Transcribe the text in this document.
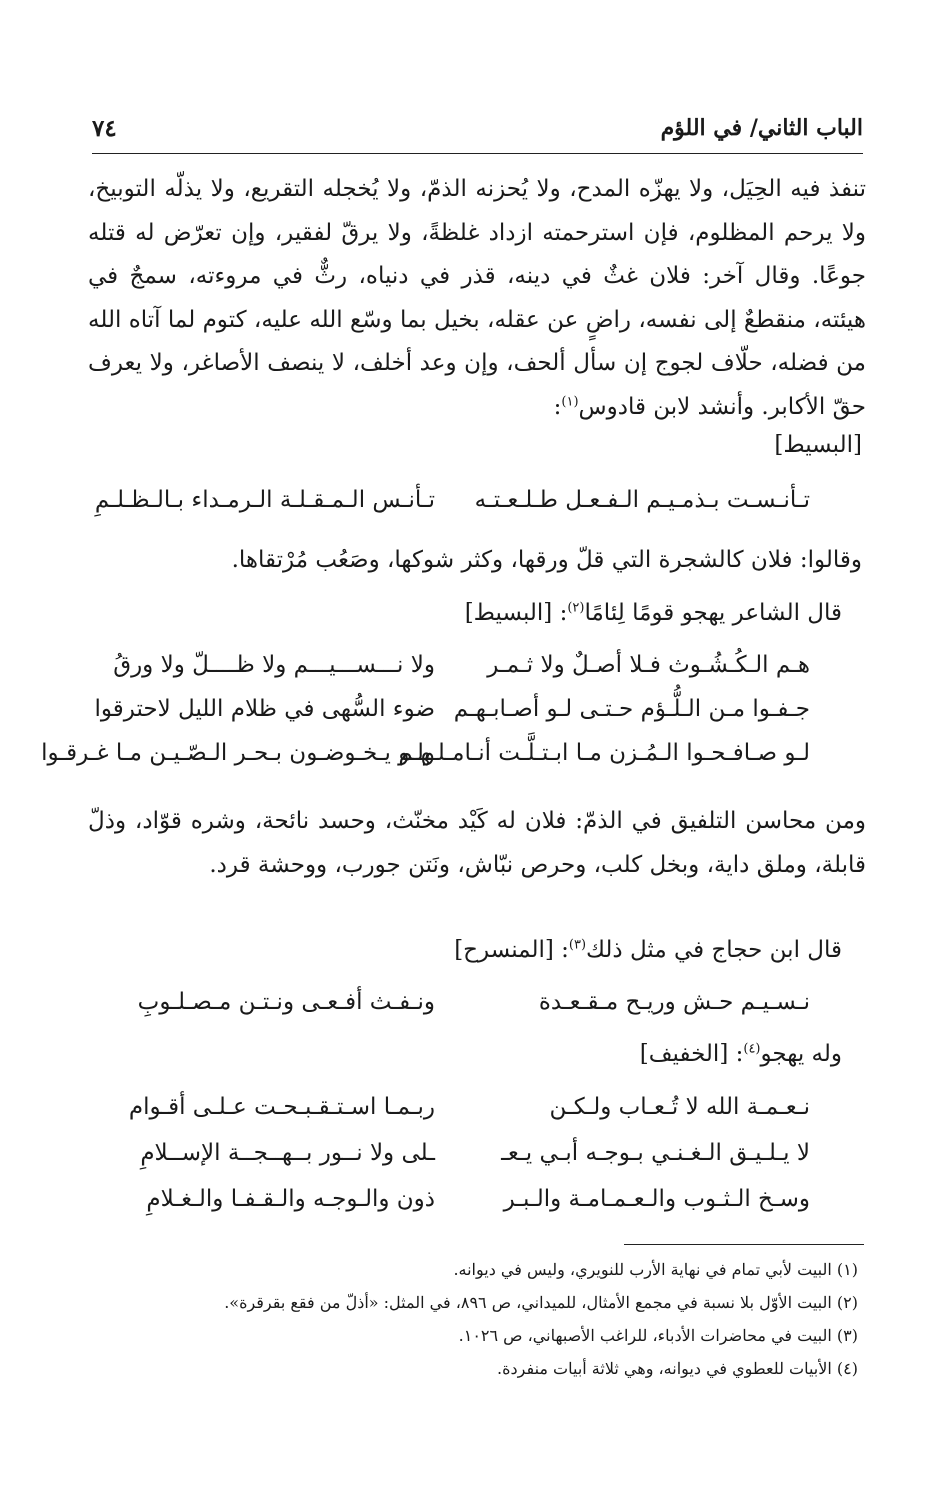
الباب الثاني/ في اللؤم
٧٤

تنفذ فيه الحِيَل، ولا يهزّه المدح، ولا يُحزنه الذمّ، ولا يُخجله التقريع، ولا يذلّه التوبيخ، ولا يرحم المظلوم، فإن استرحمته ازداد غلظةً، ولا يرقّ لفقير، وإن تعرّض له قتله جوعًا. وقال آخر: فلان غثٌ في دينه، قذر في دنياه، رثٌّ في مروءته، سمجٌ في هيئته، منقطعٌ إلى نفسه، راضٍ عن عقله، بخيل بما وسّع الله عليه، كتوم لما آتاه الله من فضله، حلّاف لجوج إن سأل ألحف، وإن وعد أخلف، لا ينصف الأصاغر، ولا يعرف حقّ الأكابر. وأنشد لابن قادوس$^{(١)}$:

[البسيط]
تـأنـسـت بـذمـيـم الـفـعـل طـلـعـتـه
تـأنـس الـمـقـلـة الـرمـداء بـالـظـلـمِ
وقالوا: فلان كالشجرة التي قلّ ورقها، وكثر شوكها، وصَعُب مُرْتقاها.
قال الشاعر يهجو قومًا لِئامًا$^{(٢)}$: [البسيط]
هـم الـكُـشُـوث فـلا أصـلٌ ولا ثـمـر
ولا نـــســـيـــم ولا ظــــلّ ولا ورقُ
جـفـوا مـن الـلُّـؤم حـتـى لـو أصـابـهـم
ضوء السُّهى في ظلام الليل لاحترقوا
لـو صـافـحـوا الـمُـزن مـا ابـتـلَّـت أنـامـلـهـم
ولـو يـخـوضـون بـحـر الـصّـيـن مـا غـرقـوا

ومن محاسن التلفيق في الذمّ: فلان له كَيْد مخنّث، وحسد نائحة، وشره قوّاد، وذلّ قابلة، وملق داية، وبخل كلب، وحرص نبّاش، ونَتن جورب، ووحشة قرد.

قال ابن حجاج في مثل ذلك$^{(٣)}$: [المنسرح]
نـسـيـم حـش وريـح مـقـعـدة
ونـفـث أفـعـى ونـتـن مـصـلـوبِ
وله يهجو$^{(٤)}$: [الخفيف]
نـعـمـة الله لا تُـعـاب ولـكـن
ربـمـا اسـتـقـبـحـت عـلـى أقـوام
لا يـلـيـق الـغـنـي بـوجـه أبـي يـعـ
ـلى ولا نــور بــهــجــة الإســلامِ
وسـخ الـثـوب والـعـمـامـة والـبـر
ذون والـوجـه والـقـفـا والـغـلامِ
(١) البيت لأبي تمام في نهاية الأرب للنويري، وليس في ديوانه.
(٢) البيت الأوّل بلا نسبة في مجمع الأمثال، للميداني، ص ٨٩٦، في المثل: «أذلّ من فقع بقرقرة».
(٣) البيت في محاضرات الأدباء، للراغب الأصبهاني، ص ١٠٢٦.
(٤) الأبيات للعطوي في ديوانه، وهي ثلاثة أبيات منفردة.
